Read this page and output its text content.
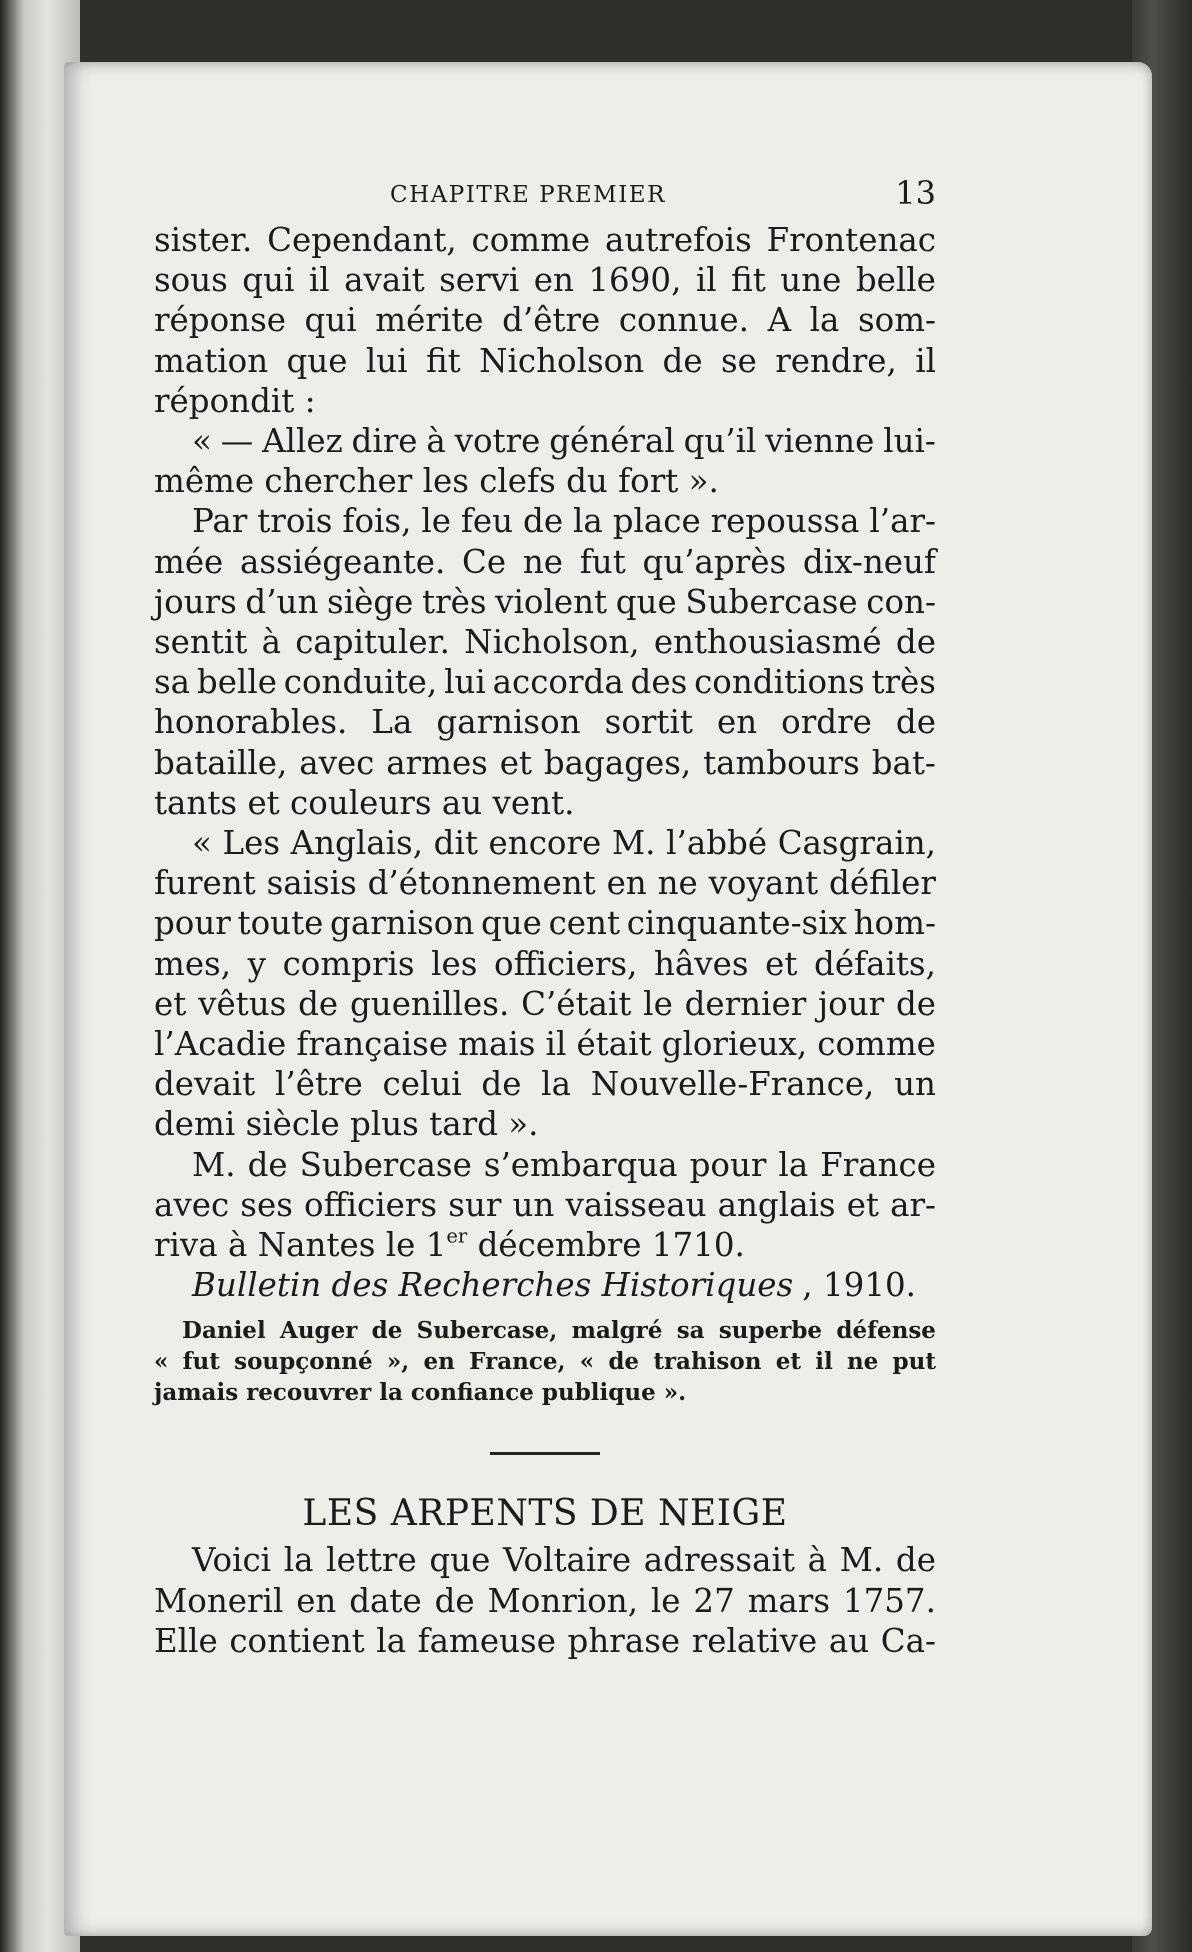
CHAPITRE PREMIER	13
sister. Cependant, comme autrefois Frontenac
sous qui il avait servi en 1690, il fit une belle
réponse qui mérite d’être connue. A la som-
mation que lui fit Nicholson de se rendre, il
répondit :
« — Allez dire à votre général qu’il vienne lui-
même chercher les clefs du fort ».
Par trois fois, le feu de la place repoussa l’ar-
mée assiégeante. Ce ne fut qu’après dix-neuf
jours d’un siège très violent que Subercase con-
sentit à capituler. Nicholson, enthousiasmé de
sa belle conduite, lui accorda des conditions très
honorables. La garnison sortit en ordre de
bataille, avec armes et bagages, tambours bat-
tants et couleurs au vent.
« Les Anglais, dit encore M. l’abbé Casgrain,
furent saisis d’étonnement en ne voyant défiler
pour toute garnison que cent cinquante-six hom-
mes, y compris les officiers, hâves et défaits,
et vêtus de guenilles. C’était le dernier jour de
l’Acadie française mais il était glorieux, comme
devait l’être celui de la Nouvelle-France, un
demi siècle plus tard ».
M. de Subercase s’embarqua pour la France
avec ses officiers sur un vaisseau anglais et ar-
riva à Nantes le 1er décembre 1710.
Bulletin des Recherches Historiques , 1910.
Daniel Auger de Subercase, malgré sa superbe défense
« fut soupçonné », en France, « de trahison et il ne put
jamais recouvrer la confiance publique ».
LES ARPENTS DE NEIGE
Voici la lettre que Voltaire adressait à M. de
Moneril en date de Monrion, le 27 mars 1757.
Elle contient la fameuse phrase relative au Ca-
